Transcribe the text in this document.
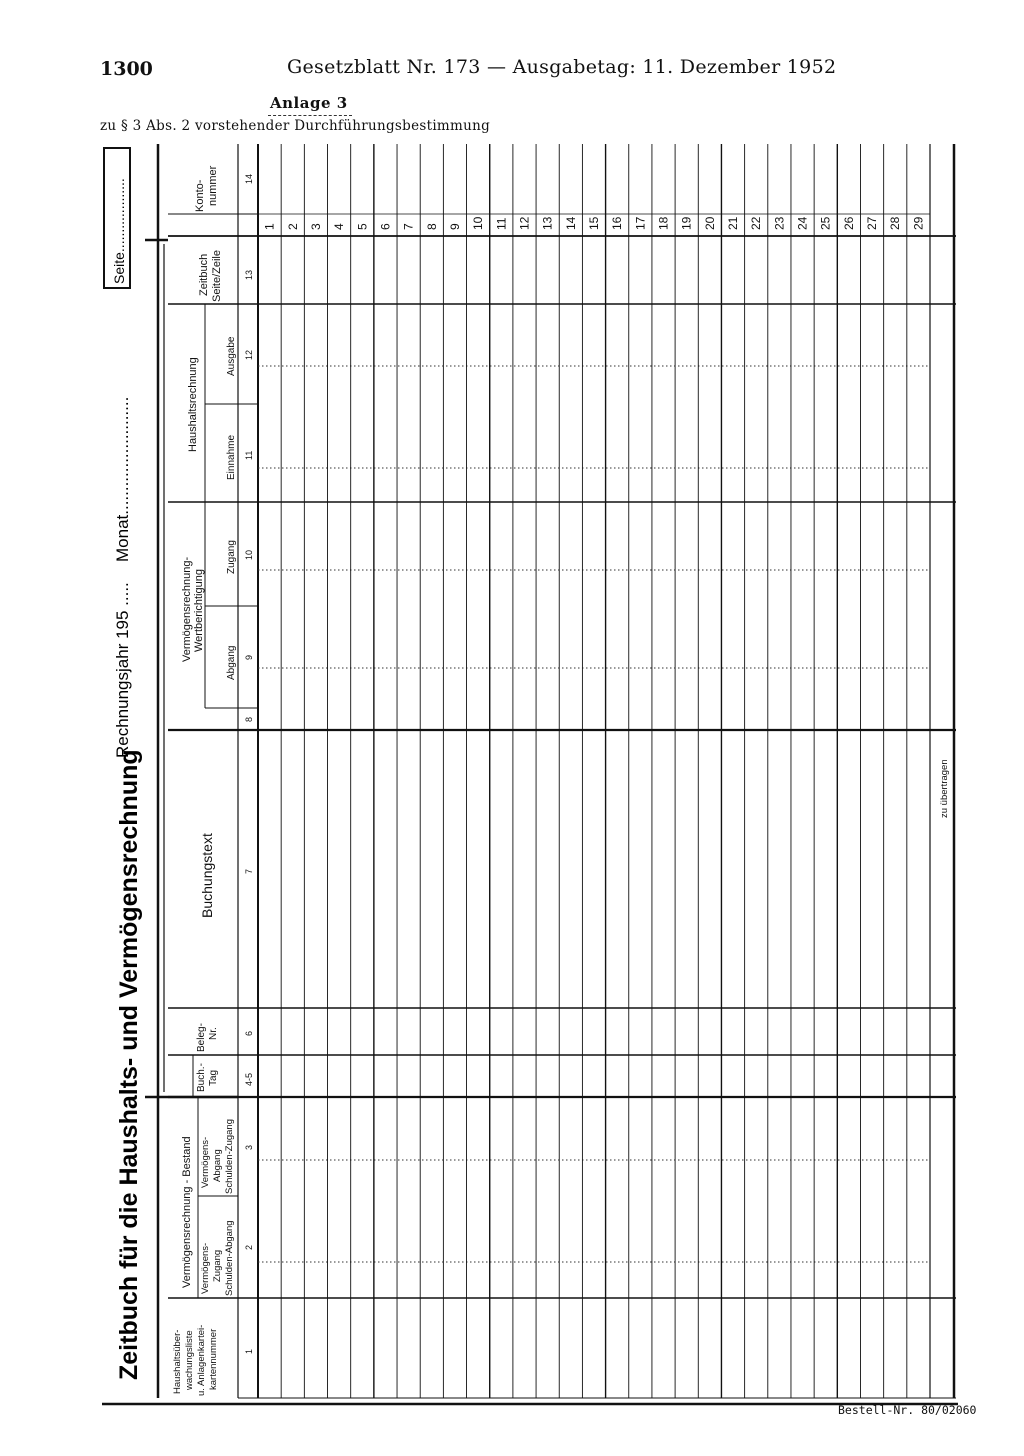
1300	Gesetzblatt Nr. 173 — Ausgabetag: 11. Dezember 1952
Anlage 3
zu § 3 Abs. 2 vorstehender Durchführungsbestimmung
Seite...................
Zeitbuch für die Haushalts- und Vermögensrechnung
Rechnungsjahr 195 .....
Monat.........................
1 2 3 4 5 6 7 8 9 10 11 12 13 14 15 16 17 18 19 20 21 22 23 24 25 26 27 28 29
Konto- nummer	14
Zeitbuch Seite/Zeile 13
Haushaltsrechnung
Ausgabe 12
Einnahme 11
Vermögensrechnung- Wertberichtigung
Zugang 10
Abgang 9
8
Buchungstext	7
Beleg- Nr.	6
Buch.- Tag	4-5
Vermögensrechnung - Bestand Vermögens- Abgang Schulden-Zugang 3
Vermögens- Zugang Schulden-Abgang 2
Haushaltsüber- wachungsliste u. Anlagenkartei- kartennummer	1
zu übertragen
Bestell-Nr. 80/02060
